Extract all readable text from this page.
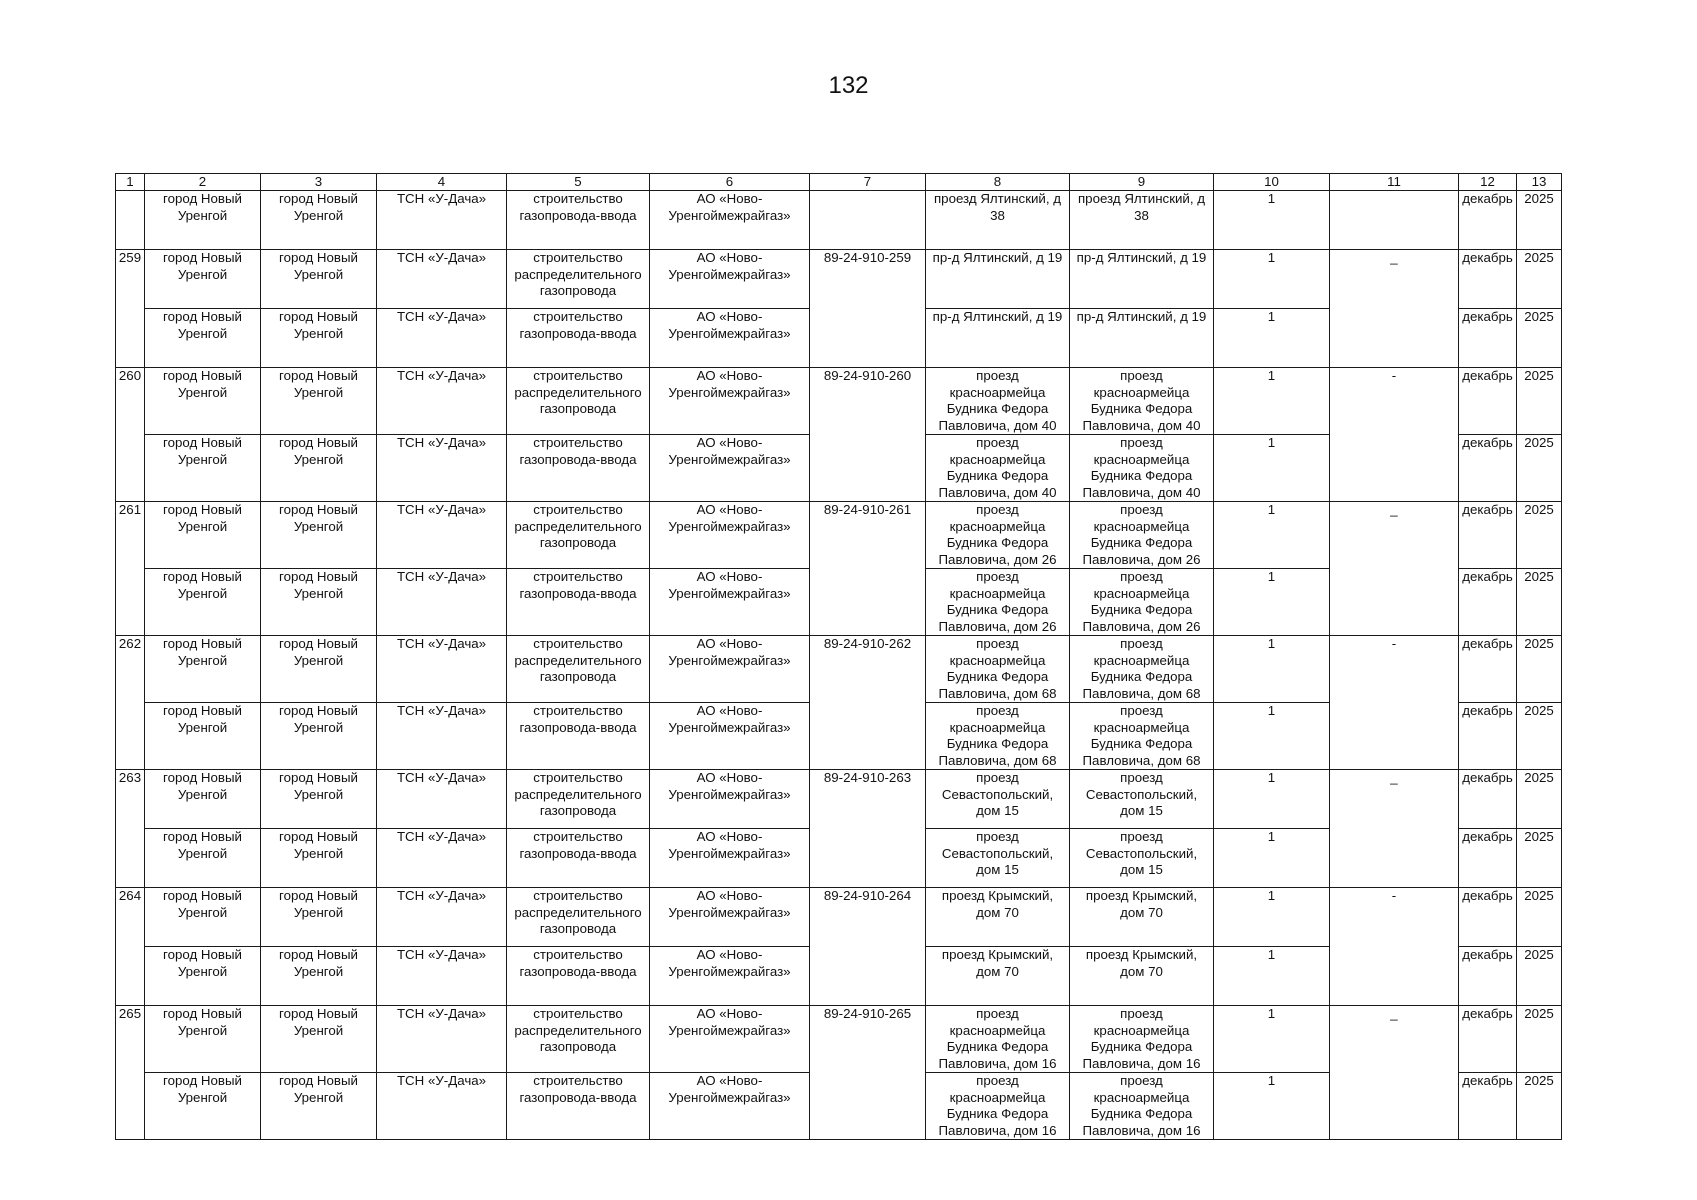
132
1	2	3	4	5	6	7	8	9	10	11	12	13
	город Новый
Уренгой	город Новый
Уренгой	ТСН «У-Дача»	строительство
газопровода-ввода	АО «Ново-
Уренгоймежрайгаз»		проезд Ялтинский, д
38	проезд Ялтинский, д
38	1		декабрь	2025
259	город Новый
Уренгой	город Новый
Уренгой	ТСН «У-Дача»	строительство
распределительного
газопровода	АО «Ново-
Уренгоймежрайгаз»	89-24-910-259	пр-д Ялтинский, д 19	пр-д Ялтинский, д 19	1	_	декабрь	2025
	город Новый
Уренгой	город Новый
Уренгой	ТСН «У-Дача»	строительство
газопровода-ввода	АО «Ново-
Уренгоймежрайгаз»		пр-д Ялтинский, д 19	пр-д Ялтинский, д 19	1		декабрь	2025
260	город Новый
Уренгой	город Новый
Уренгой	ТСН «У-Дача»	строительство
распределительного
газопровода	АО «Ново-
Уренгоймежрайгаз»	89-24-910-260	проезд
красноармейца
Будника Федора
Павловича, дом 40	проезд
красноармейца
Будника Федора
Павловича, дом 40	1	-	декабрь	2025
	город Новый
Уренгой	город Новый
Уренгой	ТСН «У-Дача»	строительство
газопровода-ввода	АО «Ново-
Уренгоймежрайгаз»		проезд
красноармейца
Будника Федора
Павловича, дом 40	проезд
красноармейца
Будника Федора
Павловича, дом 40	1		декабрь	2025
261	город Новый
Уренгой	город Новый
Уренгой	ТСН «У-Дача»	строительство
распределительного
газопровода	АО «Ново-
Уренгоймежрайгаз»	89-24-910-261	проезд
красноармейца
Будника Федора
Павловича, дом 26	проезд
красноармейца
Будника Федора
Павловича, дом 26	1	_	декабрь	2025
	город Новый
Уренгой	город Новый
Уренгой	ТСН «У-Дача»	строительство
газопровода-ввода	АО «Ново-
Уренгоймежрайгаз»		проезд
красноармейца
Будника Федора
Павловича, дом 26	проезд
красноармейца
Будника Федора
Павловича, дом 26	1		декабрь	2025
262	город Новый
Уренгой	город Новый
Уренгой	ТСН «У-Дача»	строительство
распределительного
газопровода	АО «Ново-
Уренгоймежрайгаз»	89-24-910-262	проезд
красноармейца
Будника Федора
Павловича, дом 68	проезд
красноармейца
Будника Федора
Павловича, дом 68	1	-	декабрь	2025
	город Новый
Уренгой	город Новый
Уренгой	ТСН «У-Дача»	строительство
газопровода-ввода	АО «Ново-
Уренгоймежрайгаз»		проезд
красноармейца
Будника Федора
Павловича, дом 68	проезд
красноармейца
Будника Федора
Павловича, дом 68	1		декабрь	2025
263	город Новый
Уренгой	город Новый
Уренгой	ТСН «У-Дача»	строительство
распределительного
газопровода	АО «Ново-
Уренгоймежрайгаз»	89-24-910-263	проезд
Севастопольский,
дом 15	проезд
Севастопольский,
дом 15	1	_	декабрь	2025
	город Новый
Уренгой	город Новый
Уренгой	ТСН «У-Дача»	строительство
газопровода-ввода	АО «Ново-
Уренгоймежрайгаз»		проезд
Севастопольский,
дом 15	проезд
Севастопольский,
дом 15	1		декабрь	2025
264	город Новый
Уренгой	город Новый
Уренгой	ТСН «У-Дача»	строительство
распределительного
газопровода	АО «Ново-
Уренгоймежрайгаз»	89-24-910-264	проезд Крымский,
дом 70	проезд Крымский,
дом 70	1	-	декабрь	2025
	город Новый
Уренгой	город Новый
Уренгой	ТСН «У-Дача»	строительство
газопровода-ввода	АО «Ново-
Уренгоймежрайгаз»		проезд Крымский,
дом 70	проезд Крымский,
дом 70	1		декабрь	2025
265	город Новый
Уренгой	город Новый
Уренгой	ТСН «У-Дача»	строительство
распределительного
газопровода	АО «Ново-
Уренгоймежрайгаз»	89-24-910-265	проезд
красноармейца
Будника Федора
Павловича, дом 16	проезд
красноармейца
Будника Федора
Павловича, дом 16	1	_	декабрь	2025
	город Новый
Уренгой	город Новый
Уренгой	ТСН «У-Дача»	строительство
газопровода-ввода	АО «Ново-
Уренгоймежрайгаз»		проезд
красноармейца
Будника Федора
Павловича, дом 16	проезд
красноармейца
Будника Федора
Павловича, дом 16	1		декабрь	2025
